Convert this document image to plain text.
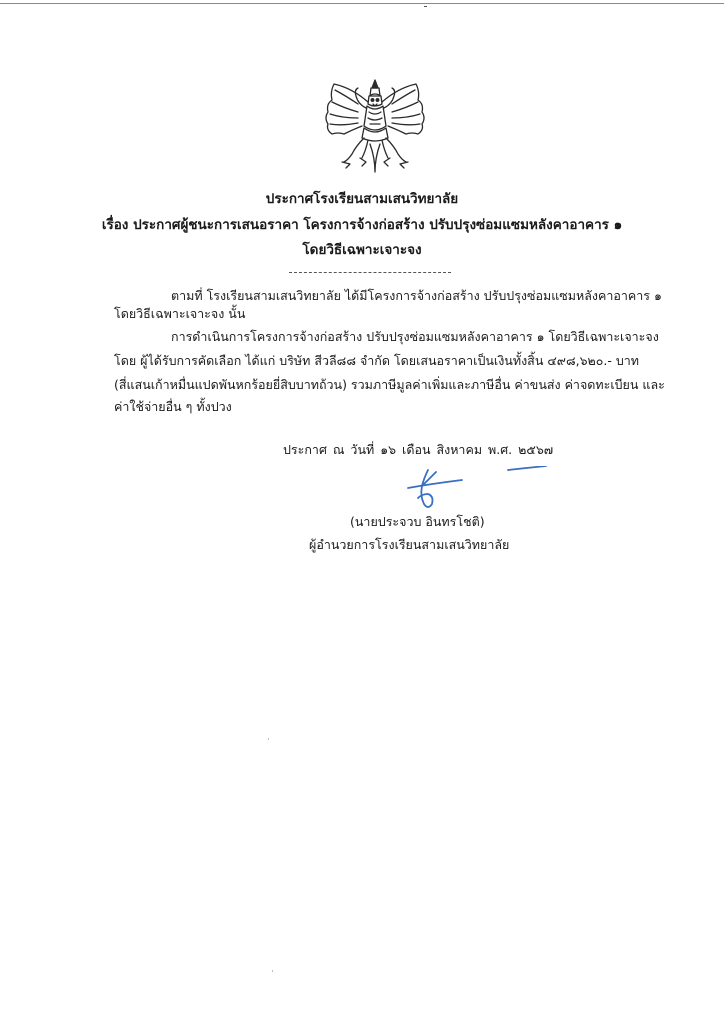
ประกาศโรงเรียนสามเสนวิทยาลัย
เรื่อง ประกาศผู้ชนะการเสนอราคา โครงการจ้างก่อสร้าง ปรับปรุงซ่อมแซมหลังคาอาคาร ๑
โดยวิธีเฉพาะเจาะจง
ตามที่ โรงเรียนสามเสนวิทยาลัย ได้มีโครงการจ้างก่อสร้าง ปรับปรุงซ่อมแซมหลังคาอาคาร ๑
โดยวิธีเฉพาะเจาะจง นั้น
การดำเนินการโครงการจ้างก่อสร้าง ปรับปรุงซ่อมแซมหลังคาอาคาร ๑ โดยวิธีเฉพาะเจาะจง
โดย ผู้ได้รับการคัดเลือก ได้แก่ บริษัท สีวลี๘๘ จำกัด โดยเสนอราคาเป็นเงินทั้งสิ้น ๔๙๘,๖๒๐.- บาท
(สี่แสนเก้าหมื่นแปดพันหกร้อยยี่สิบบาทถ้วน) รวมภาษีมูลค่าเพิ่มและภาษีอื่น ค่าขนส่ง ค่าจดทะเบียน และ
ค่าใช้จ่ายอื่น ๆ ทั้งปวง
ประกาศ ณ วันที่ ๑๖ เดือน สิงหาคม พ.ศ. ๒๕๖๗
(นายประจวบ อินทรโชติ)
ผู้อำนวยการโรงเรียนสามเสนวิทยาลัย
